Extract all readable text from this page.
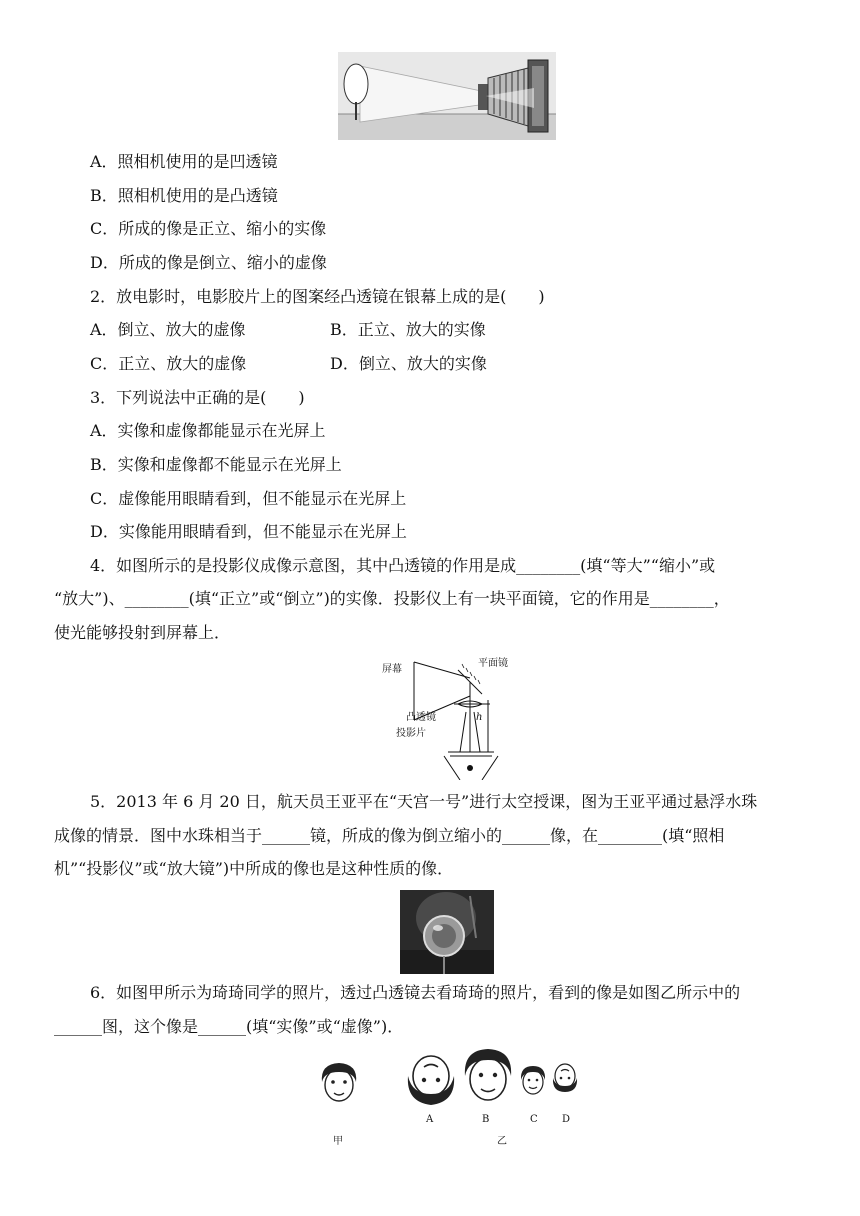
A．照相机使用的是凹透镜
B．照相机使用的是凸透镜
C．所成的像是正立、缩小的实像
D．所成的像是倒立、缩小的虚像
2．放电影时，电影胶片上的图案经凸透镜在银幕上成的是(　　)
A．倒立、放大的虚像	B．正立、放大的实像
C．正立、放大的虚像	D．倒立、放大的实像
3．下列说法中正确的是(　　)
A．实像和虚像都能显示在光屏上
B．实像和虚像都不能显示在光屏上
C．虚像能用眼睛看到，但不能显示在光屏上
D．实像能用眼睛看到，但不能显示在光屏上
4．如图所示的是投影仪成像示意图，其中凸透镜的作用是成________(填“等大”“缩小”或
“放大”)、________(填“正立”或“倒立”)的实像．投影仪上有一块平面镜，它的作用是________，
使光能够投射到屏幕上．
屏幕
平面镜
凸透镜
投影片
h
5．2013 年 6 月 20 日，航天员王亚平在“天宫一号”进行太空授课，图为王亚平通过悬浮水珠
成像的情景．图中水珠相当于______镜，所成的像为倒立缩小的______像，在________(填“照相
机”“投影仪”或“放大镜”)中所成的像也是这种性质的像．
6．如图甲所示为琦琦同学的照片，透过凸透镜去看琦琦的照片，看到的像是如图乙所示中的
______图，这个像是______(填“实像”或“虚像”)．
A	B	C D
甲	乙
